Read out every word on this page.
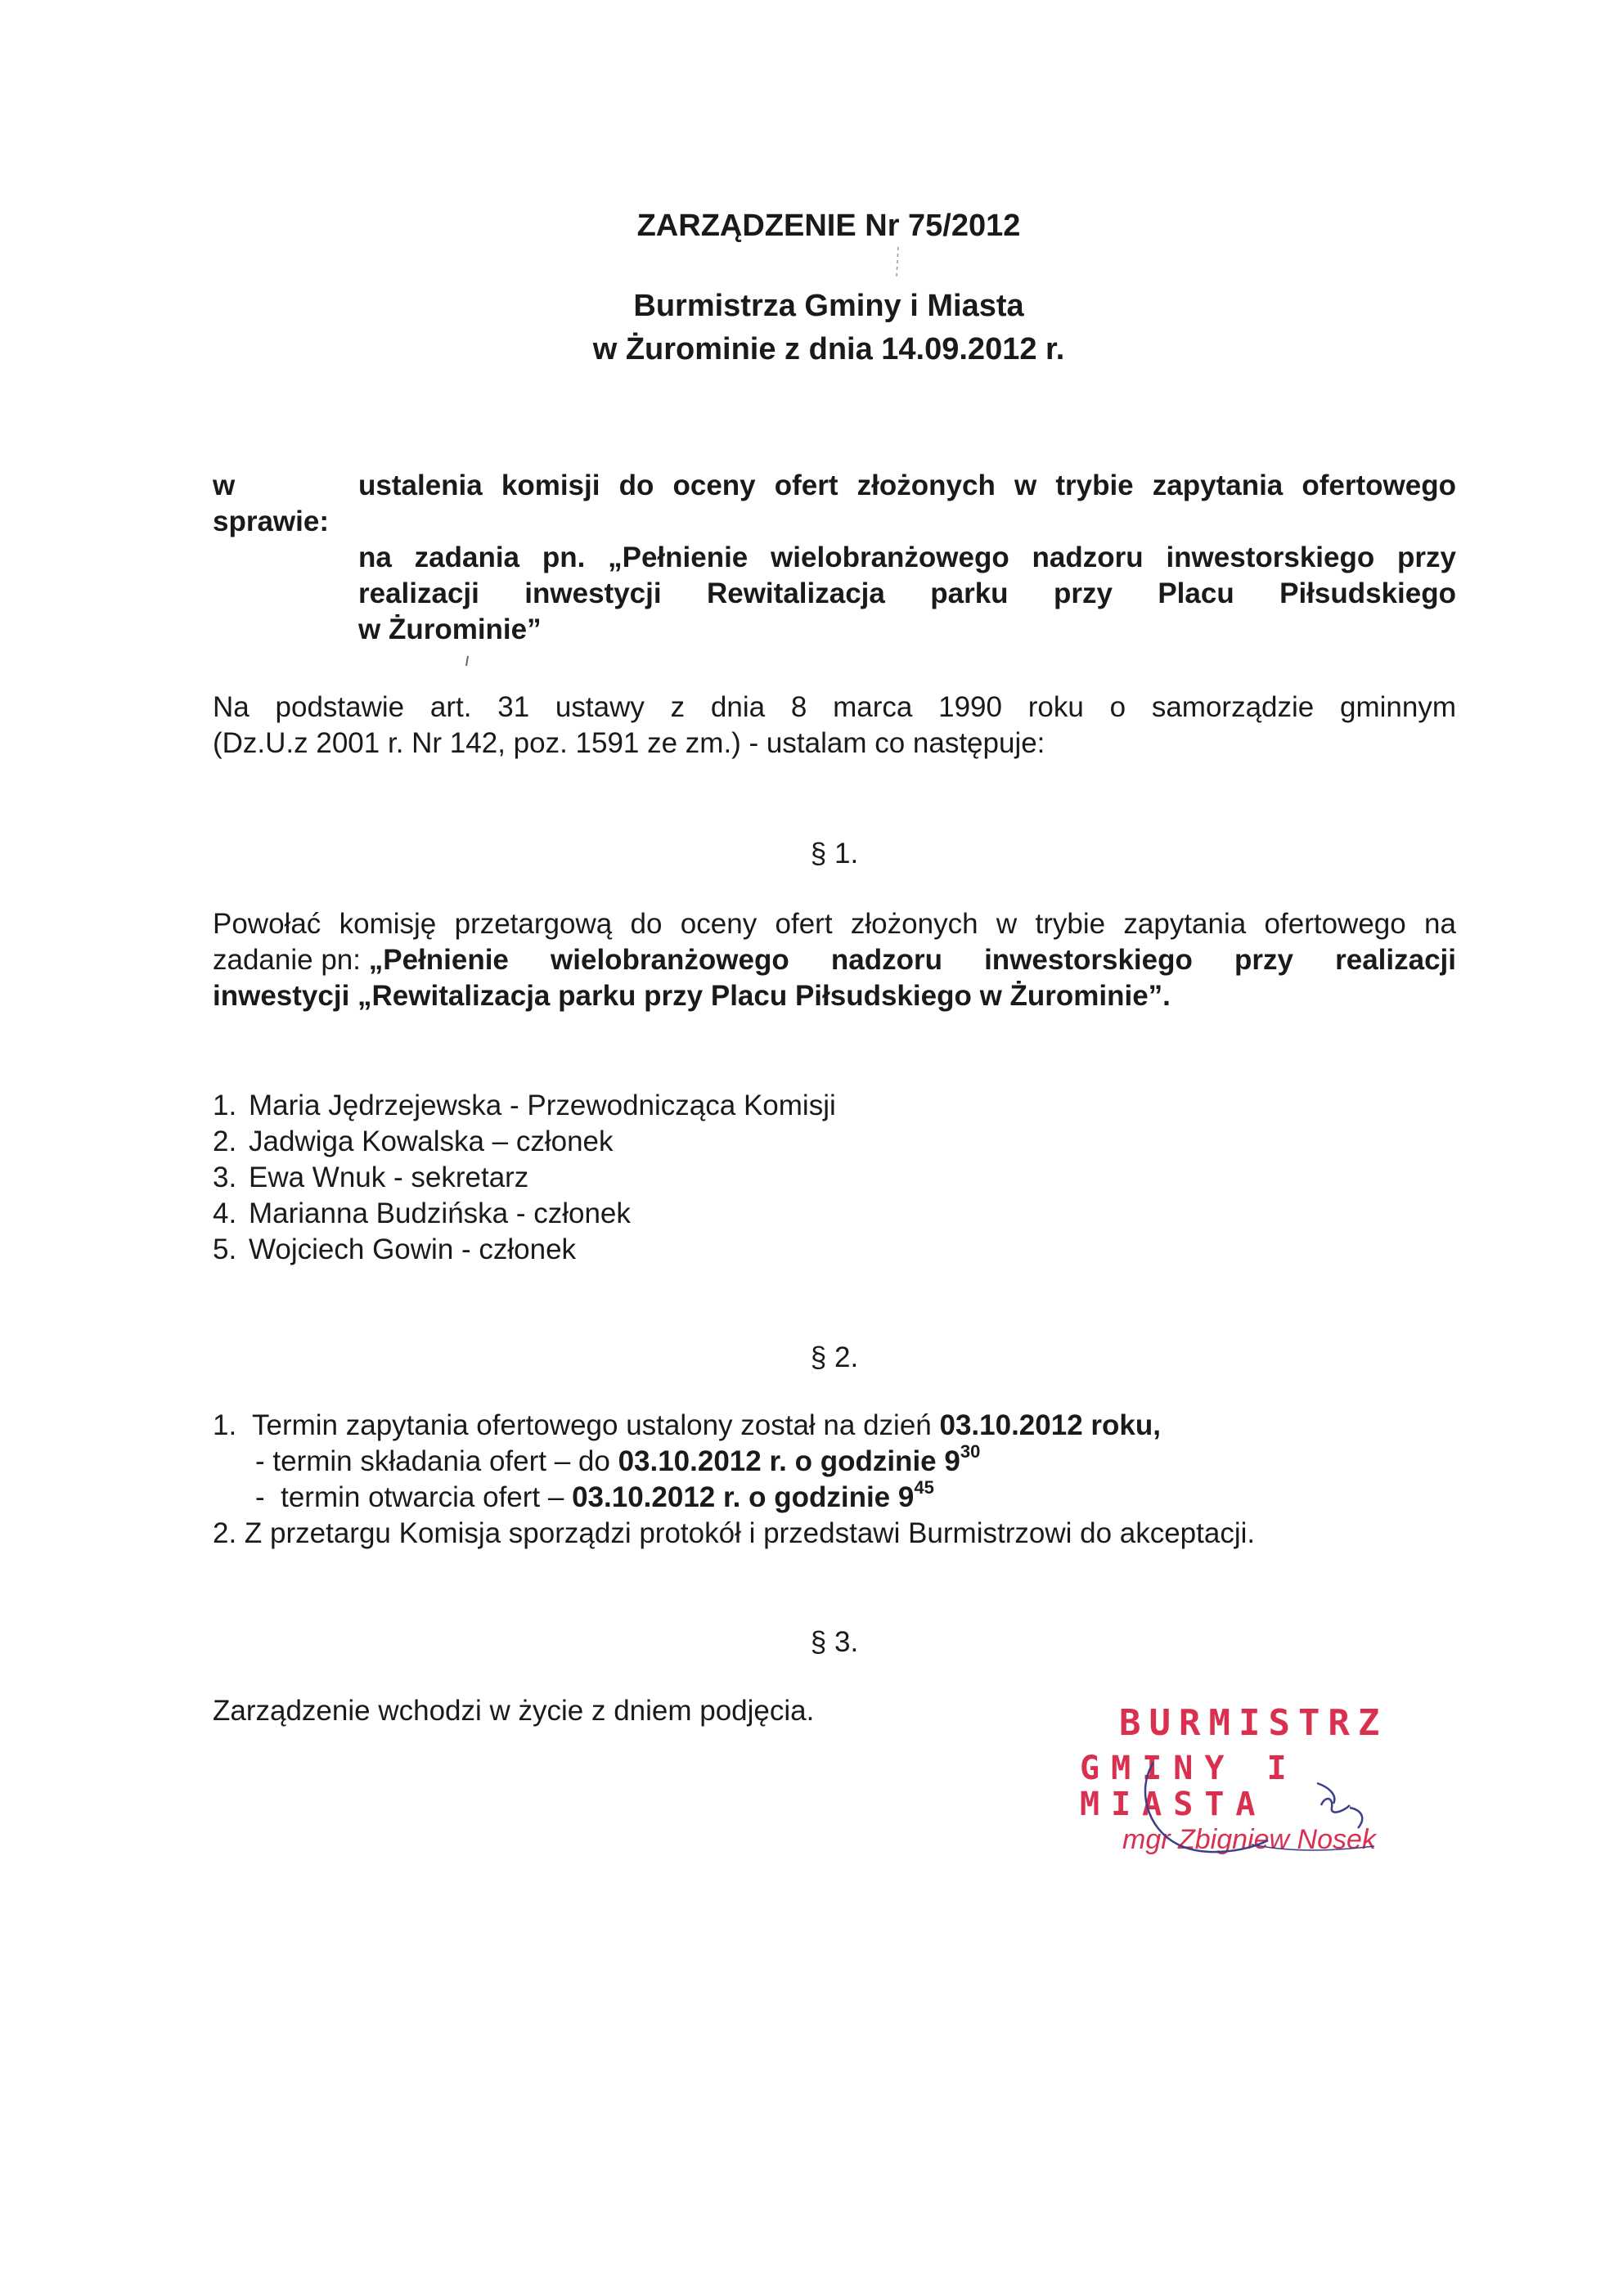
ZARZĄDZENIE Nr 75/2012
Burmistrza Gminy i Miasta
w Żurominie z dnia 14.09.2012 r.
w sprawie:
ustalenia komisji do oceny ofert złożonych w trybie zapytania ofertowego
na zadania pn. „Pełnienie wielobranżowego nadzoru inwestorskiego przy
realizacji inwestycji Rewitalizacja parku przy Placu Piłsudskiego
w Żurominie”
Na podstawie art. 31 ustawy z dnia 8 marca 1990 roku o samorządzie gminnym
(Dz.U.z 2001 r. Nr 142, poz. 1591 ze zm.) - ustalam co następuje:
§ 1.
Powołać komisję przetargową do oceny ofert złożonych w trybie zapytania ofertowego na
zadanie pn: „Pełnienie wielobranżowego nadzoru inwestorskiego przy realizacji
inwestycji „Rewitalizacja parku przy Placu Piłsudskiego w Żurominie”.
1. Maria Jędrzejewska - Przewodnicząca Komisji
2. Jadwiga Kowalska – członek
3. Ewa Wnuk - sekretarz
4. Marianna Budzińska - członek
5. Wojciech Gowin - członek
§ 2.
1.  Termin zapytania ofertowego ustalony został na dzień 03.10.2012 roku,
- termin składania ofert – do 03.10.2012 r. o godzinie $9^{30}$
-  termin otwarcia ofert – 03.10.2012 r. o godzinie $9^{45}$
2. Z przetargu Komisja sporządzi protokół i przedstawi Burmistrzowi do akceptacji.
§ 3.
Zarządzenie wchodzi w życie z dniem podjęcia.	BURMISTRZ
GMINY I MIASTA
mgr Zbigniew Nosek
